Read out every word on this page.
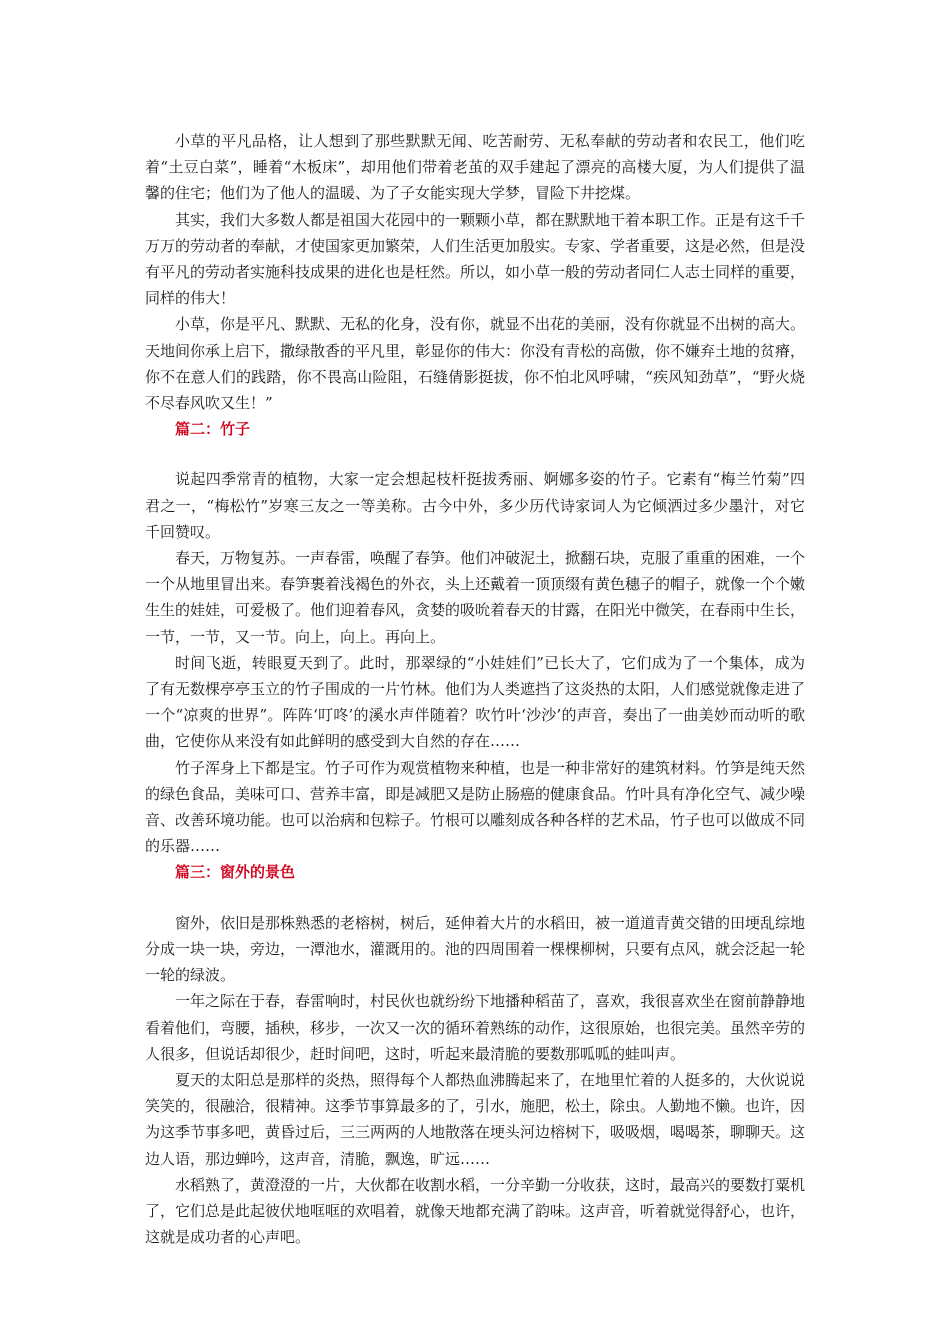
小草的平凡品格，让人想到了那些默默无闻、吃苦耐劳、无私奉献的劳动者和农民工，他们吃着“土豆白菜”，睡着“木板床”，却用他们带着老茧的双手建起了漂亮的高楼大厦，为人们提供了温馨的住宅；他们为了他人的温暖、为了子女能实现大学梦，冒险下井挖煤。

其实，我们大多数人都是祖国大花园中的一颗颗小草，都在默默地干着本职工作。正是有这千千万万的劳动者的奉献，才使国家更加繁荣，人们生活更加殷实。专家、学者重要，这是必然，但是没有平凡的劳动者实施科技成果的进化也是枉然。所以，如小草一般的劳动者同仁人志士同样的重要，同样的伟大！

小草，你是平凡、默默、无私的化身，没有你，就显不出花的美丽，没有你就显不出树的高大。天地间你承上启下，撒绿散香的平凡里，彰显你的伟大：你没有青松的高傲，你不嫌弃土地的贫瘠，你不在意人们的践踏，你不畏高山险阻，石缝倩影挺拔，你不怕北风呼啸，“疾风知劲草”，“野火烧不尽春风吹又生！”

篇二：竹子

说起四季常青的植物，大家一定会想起枝杆挺拔秀丽、婀娜多姿的竹子。它素有“梅兰竹菊”四君之一，“梅松竹”岁寒三友之一等美称。古今中外，多少历代诗家词人为它倾洒过多少墨汁，对它千回赞叹。

春天，万物复苏。一声春雷，唤醒了春笋。他们冲破泥土，掀翻石块，克服了重重的困难，一个一个从地里冒出来。春笋裹着浅褐色的外衣，头上还戴着一顶顶缀有黄色穗子的帽子，就像一个个嫩生生的娃娃，可爱极了。他们迎着春风，贪婪的吸吮着春天的甘露，在阳光中微笑，在春雨中生长，一节，一节，又一节。向上，向上。再向上。

时间飞逝，转眼夏天到了。此时，那翠绿的“小娃娃们”已长大了，它们成为了一个集体，成为了有无数棵亭亭玉立的竹子围成的一片竹林。他们为人类遮挡了这炎热的太阳，人们感觉就像走进了一个“凉爽的世界”。阵阵‘叮咚’的溪水声伴随着？吹竹叶‘沙沙’的声音，奏出了一曲美妙而动听的歌曲，它使你从来没有如此鲜明的感受到大自然的存在……

竹子浑身上下都是宝。竹子可作为观赏植物来种植，也是一种非常好的建筑材料。竹笋是纯天然的绿色食品，美味可口、营养丰富，即是减肥又是防止肠癌的健康食品。竹叶具有净化空气、减少噪音、改善环境功能。也可以治病和包粽子。竹根可以雕刻成各种各样的艺术品，竹子也可以做成不同的乐器……

篇三：窗外的景色

窗外，依旧是那株熟悉的老榕树，树后，延伸着大片的水稻田，被一道道青黄交错的田埂乱综地分成一块一块，旁边，一潭池水，灌溉用的。池的四周围着一棵棵柳树，只要有点风，就会泛起一轮一轮的绿波。

一年之际在于春，春雷响时，村民伙也就纷纷下地播种稻苗了，喜欢，我很喜欢坐在窗前静静地看着他们，弯腰，插秧，移步，一次又一次的循环着熟练的动作，这很原始，也很完美。虽然辛劳的人很多，但说话却很少，赶时间吧，这时，听起来最清脆的要数那呱呱的蛙叫声。

夏天的太阳总是那样的炎热，照得每个人都热血沸腾起来了，在地里忙着的人挺多的，大伙说说笑笑的，很融洽，很精神。这季节事算最多的了，引水，施肥，松土，除虫。人勤地不懒。也许，因为这季节事多吧，黄昏过后，三三两两的人地散落在埂头河边榕树下，吸吸烟，喝喝茶，聊聊天。这边人语，那边蝉吟，这声音，清脆，飘逸，旷远……

水稻熟了，黄澄澄的一片，大伙都在收割水稻，一分辛勤一分收获，这时，最高兴的要数打粟机了，它们总是此起彼伏地哐哐的欢唱着，就像天地都充满了韵味。这声音，听着就觉得舒心，也许，这就是成功者的心声吧。
